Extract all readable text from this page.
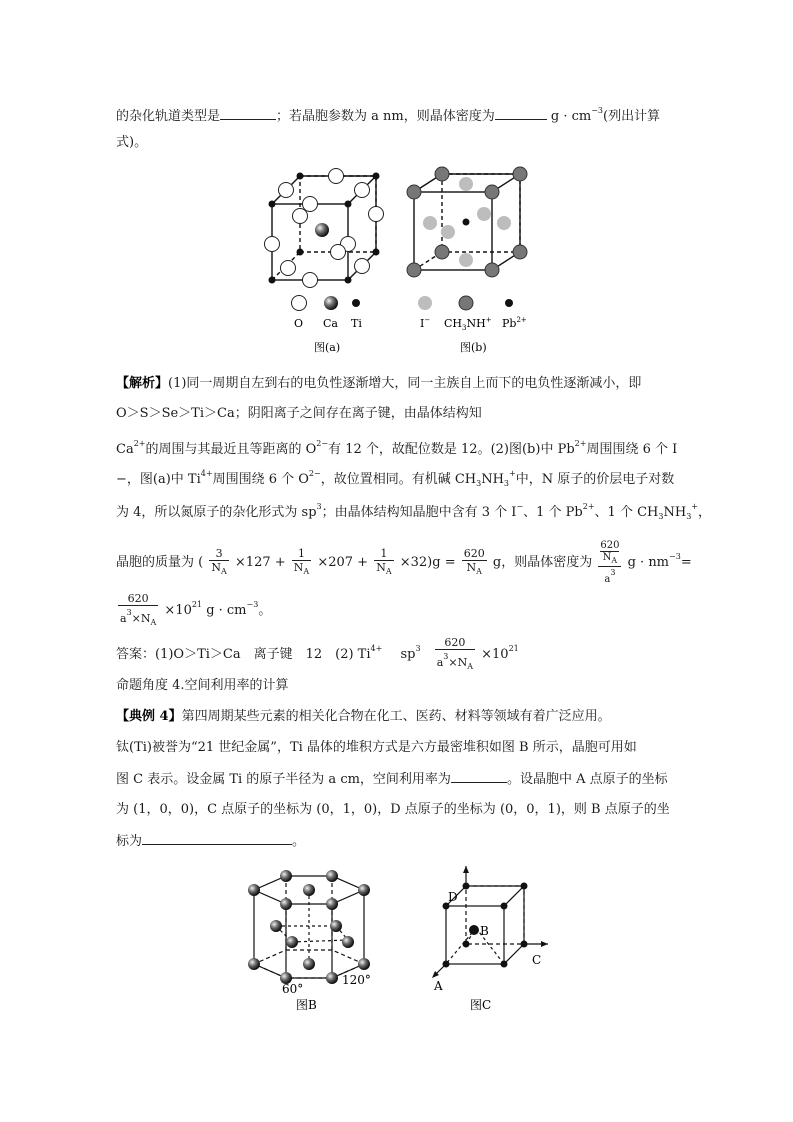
的杂化轨道类型是	；若晶胞参数为 a nm，则晶体密度为	$g \cdot cm^{-3}$(列出计算
式)。
O Ca Ti
图(a)
I− $CH_3NH^+$ $Pb^{2+}$
图(b)
【解析】(1)同一周期自左到右的电负性逐渐增大，同一主族自上而下的电负性逐渐减小，即
O＞S＞Se＞Ti＞Ca；阴阳离子之间存在离子键，由晶体结构知
$Ca^{2+}$的周围与其最近且等距离的 $O^{2-}$有 12 个，故配位数是 12。(2)图(b)中 $Pb^{2+}$周围围绕 6 个 I
−，图(a)中 $Ti^{4+}$周围围绕 6 个 $O^{2-}$，故位置相同。有机碱 $CH_3NH_3^+$中，N 原子的价层电子对数
为 4，所以氮原子的杂化形式为 $sp^3$；由晶体结构知晶胞中含有 3 个 I−、1 个 $Pb^{2+}$、1 个 $CH_3NH_3^+$，
晶胞的质量为 ( $\frac{3}{N_A} \times 127 + \frac{1}{N_A} \times 207 + \frac{1}{N_A} \times 32)g = \frac{620}{N_A}$ g，则晶体密度为 620
$N_A$
$a^3$ $g \cdot nm^{-3}=$
$\frac{620}{a^3\times N_A} \times 10^{21}$ $g \cdot cm^{-3}$。
答案：(1)O＞Ti＞Ca　离子键　12　(2) $Ti^{4+}$ $sp^3 \frac{620}{a^3\times N_A} \times 10^{21}$
命题角度 4.空间利用率的计算
【典例 4】第四周期某些元素的相关化合物在化工、医药、材料等领域有着广泛应用。
钛(Ti)被誉为“21 世纪金属”，Ti 晶体的堆积方式是六方最密堆积如图 B 所示，晶胞可用如
图 C 表示。设金属 Ti 的原子半径为 a cm，空间利用率为	。设晶胞中 A 点原子的坐标
为 (1，0，0)，C 点原子的坐标为 (0，1，0)，D 点原子的坐标为 (0，0，1)，则 B 点原子的坐
标为	。
60°
120°
图B
D
B
C
A
图C
